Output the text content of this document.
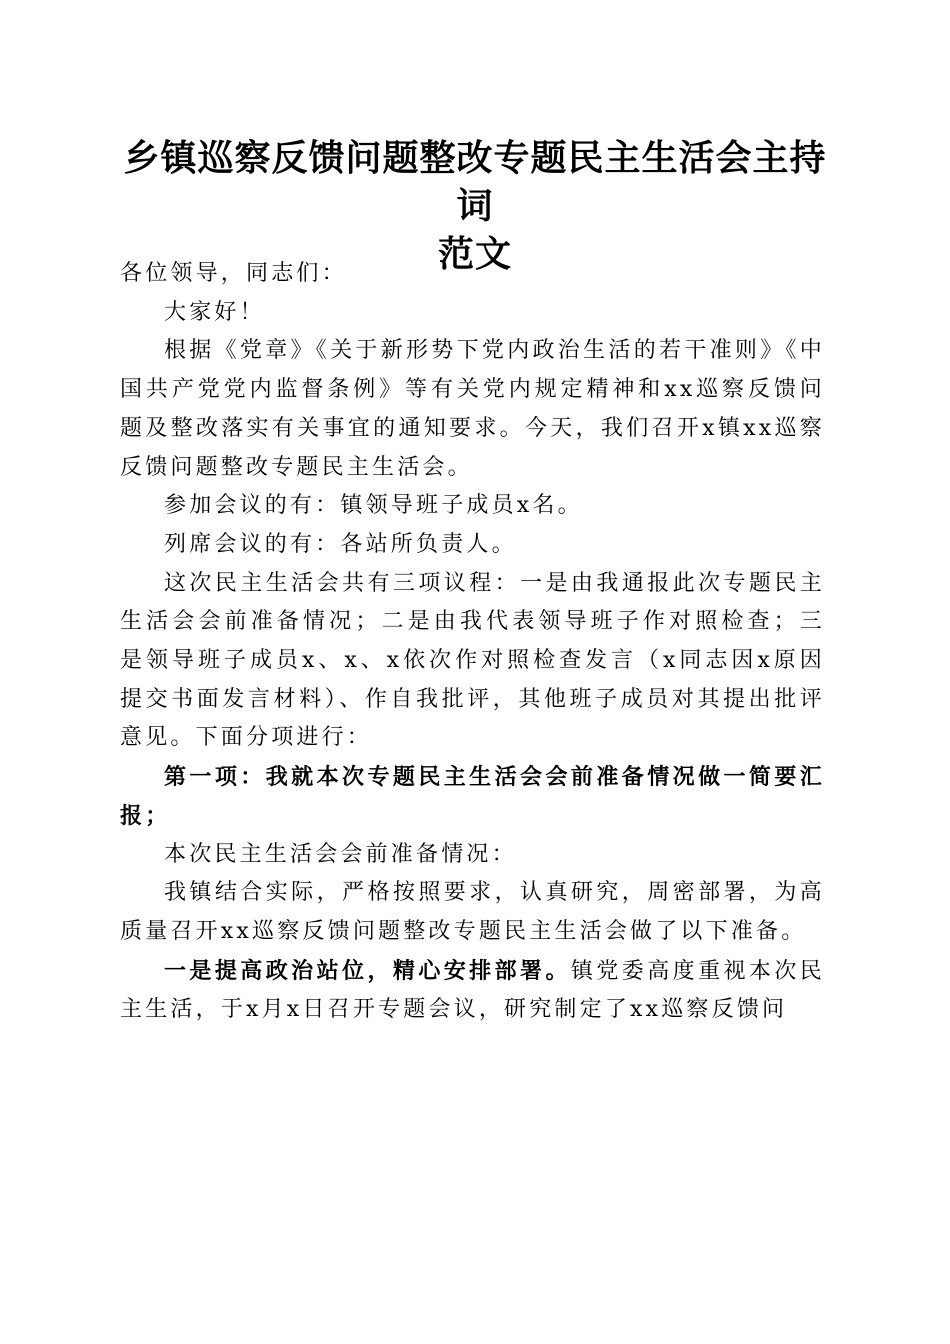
乡镇巡察反馈问题整改专题民主生活会主持词
范文

各位领导，同志们：

大家好！

根据《党章》《关于新形势下党内政治生活的若干准则》《中国共产党党内监督条例》等有关党内规定精神和xx巡察反馈问题及整改落实有关事宜的通知要求。今天，我们召开x镇xx巡察反馈问题整改专题民主生活会。

参加会议的有：镇领导班子成员x名。

列席会议的有：各站所负责人。

这次民主生活会共有三项议程：一是由我通报此次专题民主生活会会前准备情况；二是由我代表领导班子作对照检查；三是领导班子成员x、x、x依次作对照检查发言（x同志因x原因提交书面发言材料）、作自我批评，其他班子成员对其提出批评意见。下面分项进行：

第一项：我就本次专题民主生活会会前准备情况做一简要汇报；

本次民主生活会会前准备情况：

我镇结合实际，严格按照要求，认真研究，周密部署，为高质量召开xx巡察反馈问题整改专题民主生活会做了以下准备。

一是提高政治站位，精心安排部署。镇党委高度重视本次民主生活，于x月x日召开专题会议，研究制定了xx巡察反馈问
